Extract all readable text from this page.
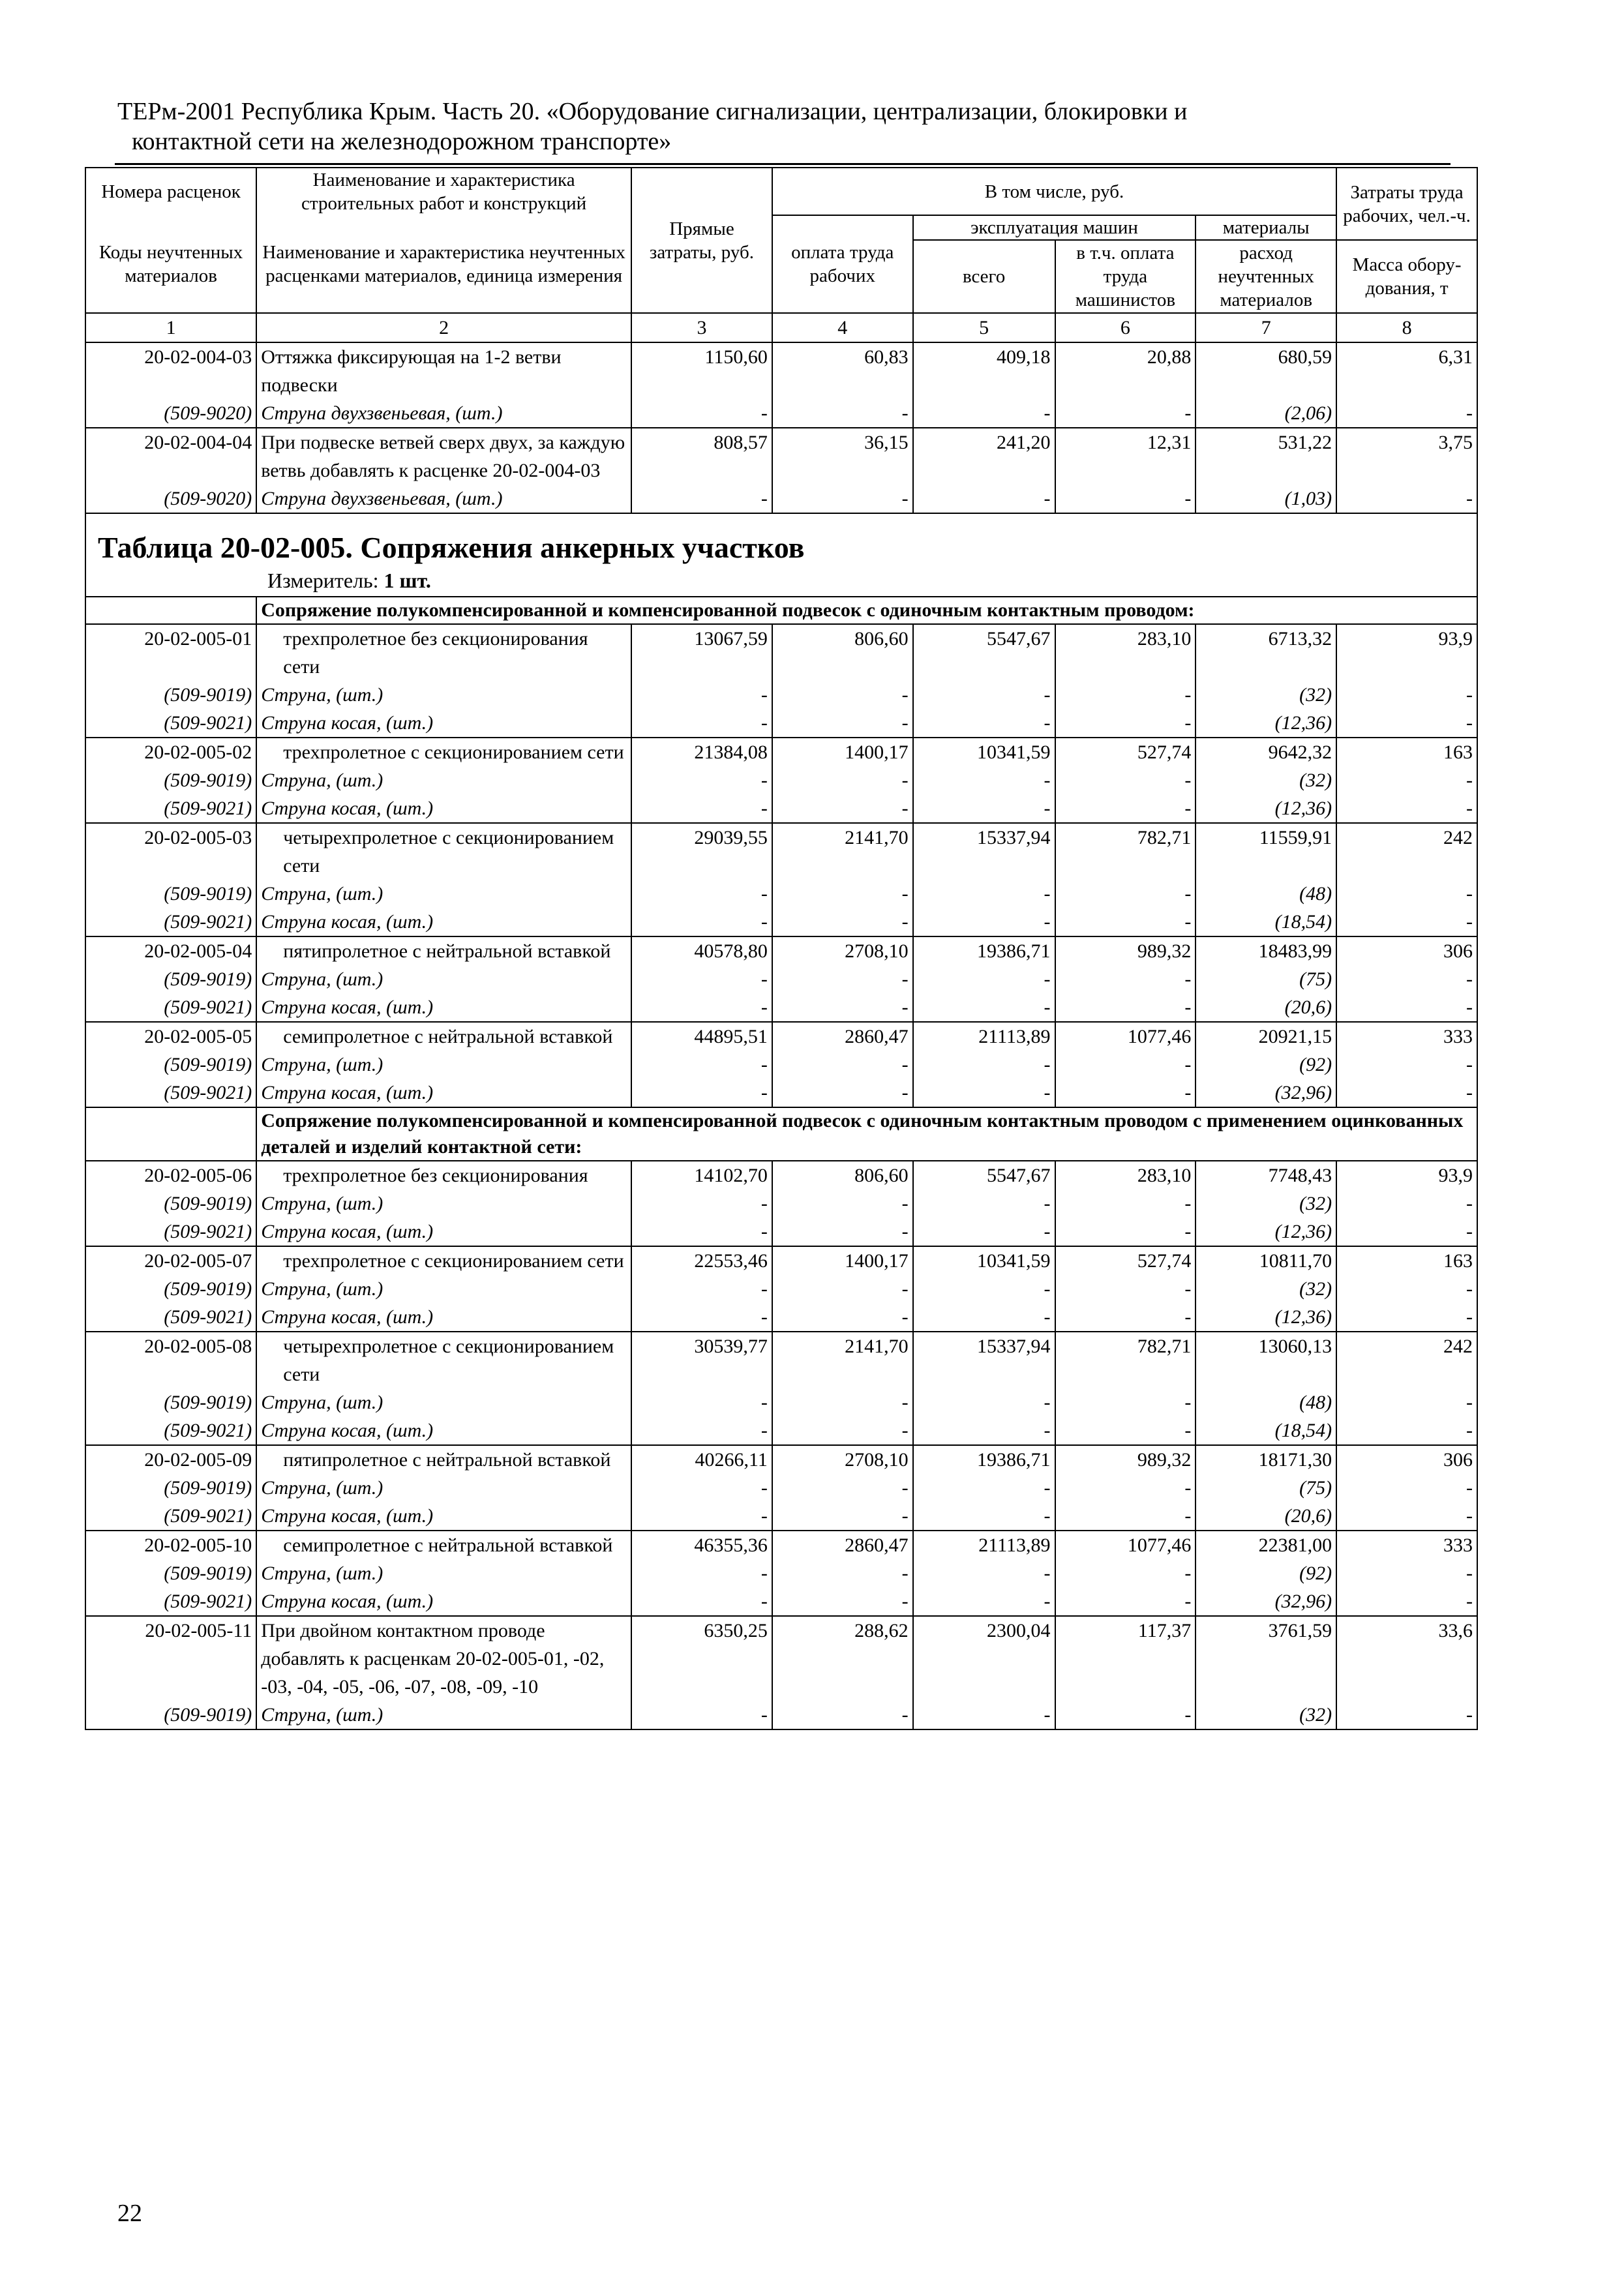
ТЕРм-2001 Республика Крым. Часть 20. «Оборудование сигнализации, централизации, блокировки и
контактной сети на железнодорожном транспорте»
Номера расценок	Наименование и характеристика строительных работ и конструкций	Прямые затраты, руб.	В том числе, руб.				Затраты труда рабочих, чел.-ч.
Коды неучтенных материалов	Наименование и характеристика неучтенных расценками материалов, единица измерения		оплата труда рабочих	эксплуатация машин		материалы	
				всего	в т.ч. оплата труда машинистов	расход неучтенных материалов	Масса обору-дования, т
1	2	3	4	5	6	7	8
20-02-004-03	Оттяжка фиксирующая на 1-2 ветви подвески	1150,60	60,83	409,18	20,88	680,59	6,31
(509-9020)	Струна двухзвеньевая, (шт.)	-	-	-	-	(2,06)	-
20-02-004-04	При подвеске ветвей сверх двух, за каждую ветвь добавлять к расценке 20-02-004-03	808,57	36,15	241,20	12,31	531,22	3,75
(509-9020)	Струна двухзвеньевая, (шт.)	-	-	-	-	(1,03)	-

Таблица 20-02-005. Сопряжения анкерных участков
Измеритель: 1 шт.							

	Сопряжение полукомпенсированной и компенсированной подвесок с одиночным контактным проводом:						
20-02-005-01	трехпролетное без секционирования сети	13067,59	806,60	5547,67	283,10	6713,32	93,9
(509-9019)	Струна, (шт.)	-	-	-	-	(32)	-
(509-9021)	Струна косая, (шт.)	-	-	-	-	(12,36)	-
20-02-005-02	трехпролетное с секционированием сети	21384,08	1400,17	10341,59	527,74	9642,32	163
(509-9019)	Струна, (шт.)	-	-	-	-	(32)	-
(509-9021)	Струна косая, (шт.)	-	-	-	-	(12,36)	-
20-02-005-03	четырехпролетное с секционированием сети	29039,55	2141,70	15337,94	782,71	11559,91	242
(509-9019)	Струна, (шт.)	-	-	-	-	(48)	-
(509-9021)	Струна косая, (шт.)	-	-	-	-	(18,54)	-
20-02-005-04	пятипролетное с нейтральной вставкой	40578,80	2708,10	19386,71	989,32	18483,99	306
(509-9019)	Струна, (шт.)	-	-	-	-	(75)	-
(509-9021)	Струна косая, (шт.)	-	-	-	-	(20,6)	-
20-02-005-05	семипролетное с нейтральной вставкой	44895,51	2860,47	21113,89	1077,46	20921,15	333
(509-9019)	Струна, (шт.)	-	-	-	-	(92)	-
(509-9021)	Струна косая, (шт.)	-	-	-	-	(32,96)	-
	Сопряжение полукомпенсированной и компенсированной подвесок с одиночным контактным проводом с применением оцинкованных деталей и изделий контактной сети:						
20-02-005-06	трехпролетное без секционирования	14102,70	806,60	5547,67	283,10	7748,43	93,9
(509-9019)	Струна, (шт.)	-	-	-	-	(32)	-
(509-9021)	Струна косая, (шт.)	-	-	-	-	(12,36)	-
20-02-005-07	трехпролетное с секционированием сети	22553,46	1400,17	10341,59	527,74	10811,70	163
(509-9019)	Струна, (шт.)	-	-	-	-	(32)	-
(509-9021)	Струна косая, (шт.)	-	-	-	-	(12,36)	-
20-02-005-08	четырехпролетное с секционированием сети	30539,77	2141,70	15337,94	782,71	13060,13	242
(509-9019)	Струна, (шт.)	-	-	-	-	(48)	-
(509-9021)	Струна косая, (шт.)	-	-	-	-	(18,54)	-
20-02-005-09	пятипролетное с нейтральной вставкой	40266,11	2708,10	19386,71	989,32	18171,30	306
(509-9019)	Струна, (шт.)	-	-	-	-	(75)	-
(509-9021)	Струна косая, (шт.)	-	-	-	-	(20,6)	-
20-02-005-10	семипролетное с нейтральной вставкой	46355,36	2860,47	21113,89	1077,46	22381,00	333
(509-9019)	Струна, (шт.)	-	-	-	-	(92)	-
(509-9021)	Струна косая, (шт.)	-	-	-	-	(32,96)	-
20-02-005-11	При двойном контактном проводе добавлять к расценкам 20-02-005-01, -02, -03, -04, -05, -06, -07, -08, -09, -10	6350,25	288,62	2300,04	117,37	3761,59	33,6
(509-9019)	Струна, (шт.)	-	-	-	-	(32)	-
22
